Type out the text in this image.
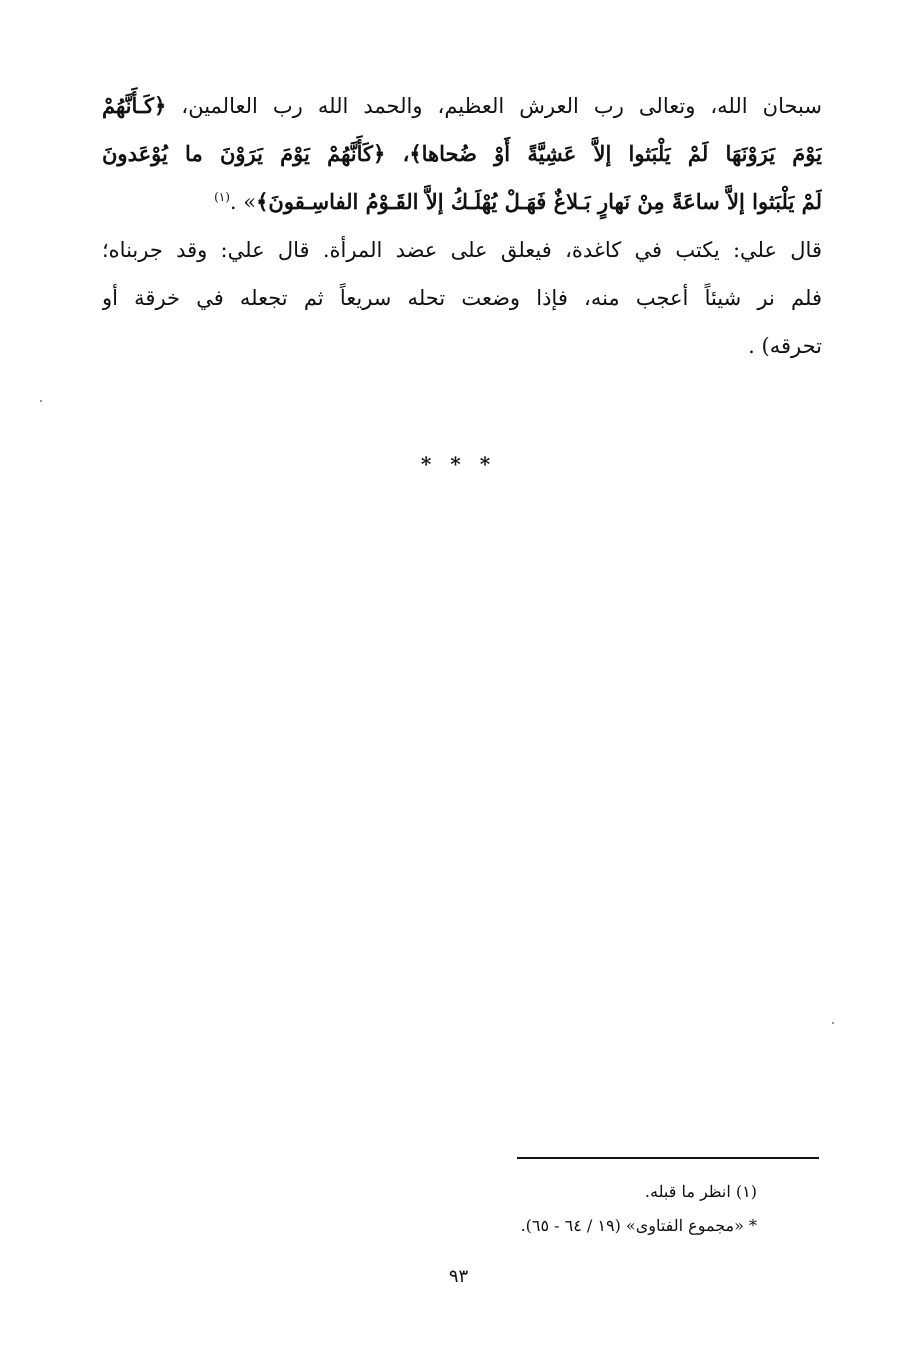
سبحان الله، وتعالى رب العرش العظيم، والحمد الله رب العالمين، ﴿كَـأَنَّهُمْ
يَوْمَ يَرَوْنَهَا لَمْ يَلْبَثوا إلاَّ عَشِيَّةً أَوْ ضُحاها﴾، ﴿كَأَنَّهُمْ يَوْمَ يَرَوْنَ ما يُوْعَدونَ
لَمْ يَلْبَثوا إلاَّ ساعَةً مِنْ نَهارٍ بَـلاغٌ فَهَـلْ يُهْلَـكُ إلاَّ القَـوْمُ الفاسِـقونَ﴾» .$^{(١)}$
قال علي: يكتب في كاغدة، فيعلق على عضد المرأة. قال علي: وقد جربناه؛
فلم نر شيئاً أعجب منه، فإذا وضعت تحله سريعاً ثم تجعله في خرقة أو
تحرقه) .
* * *
(١) انظر ما قبله.
* «مجموع الفتاوى» (١٩ / ٦٤ - ٦٥).
٩٣
